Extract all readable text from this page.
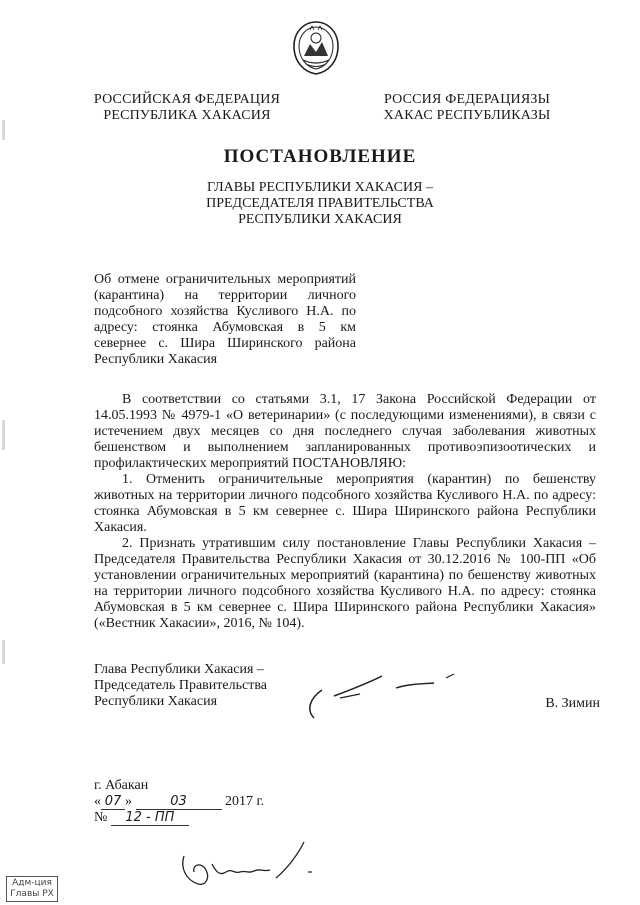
РОССИЙСКАЯ ФЕДЕРАЦИЯ
РЕСПУБЛИКА ХАКАСИЯ
РОССИЯ ФЕДЕРАЦИЯЗЫ
ХАКАС РЕСПУБЛИКАЗЫ
ПОСТАНОВЛЕНИЕ
ГЛАВЫ РЕСПУБЛИКИ ХАКАСИЯ –
ПРЕДСЕДАТЕЛЯ ПРАВИТЕЛЬСТВА
РЕСПУБЛИКИ ХАКАСИЯ
Об отмене ограничительных мероприятий (карантина) на территории личного подсобного хозяйства Кусливого Н.А. по адресу: стоянка Абумовская в 5 км севернее с. Шира Ширинского района Республики Хакасия

В соответствии со статьями 3.1, 17 Закона Российской Федерации от 14.05.1993 № 4979-1 «О ветеринарии» (с последующими изменениями), в связи с истечением двух месяцев со дня последнего случая заболевания животных бешенством и выполнением запланированных противоэпизоотических и профилактических мероприятий ПОСТАНОВЛЯЮ:

1. Отменить ограничительные мероприятия (карантин) по бешенству животных на территории личного подсобного хозяйства Кусливого Н.А. по адресу: стоянка Абумовская в 5 км севернее с. Шира Ширинского района Республики Хакасия.

2. Признать утратившим силу постановление Главы Республики Хакасия – Председателя Правительства Республики Хакасия от 30.12.2016 № 100-ПП «Об установлении ограничительных мероприятий (карантина) по бешенству животных на территории личного подсобного хозяйства Кусливого Н.А. по адресу: стоянка Абумовская в 5 км севернее с. Шира Ширинского района Республики Хакасия» («Вестник Хакасии», 2016, № 104).

Глава Республики Хакасия –
Председатель Правительства
Республики Хакасия	В. Зимин
г. Абакан
« 07 »	03	2017 г.
№ 12 - ПП
Адм-ция
Главы РХ
